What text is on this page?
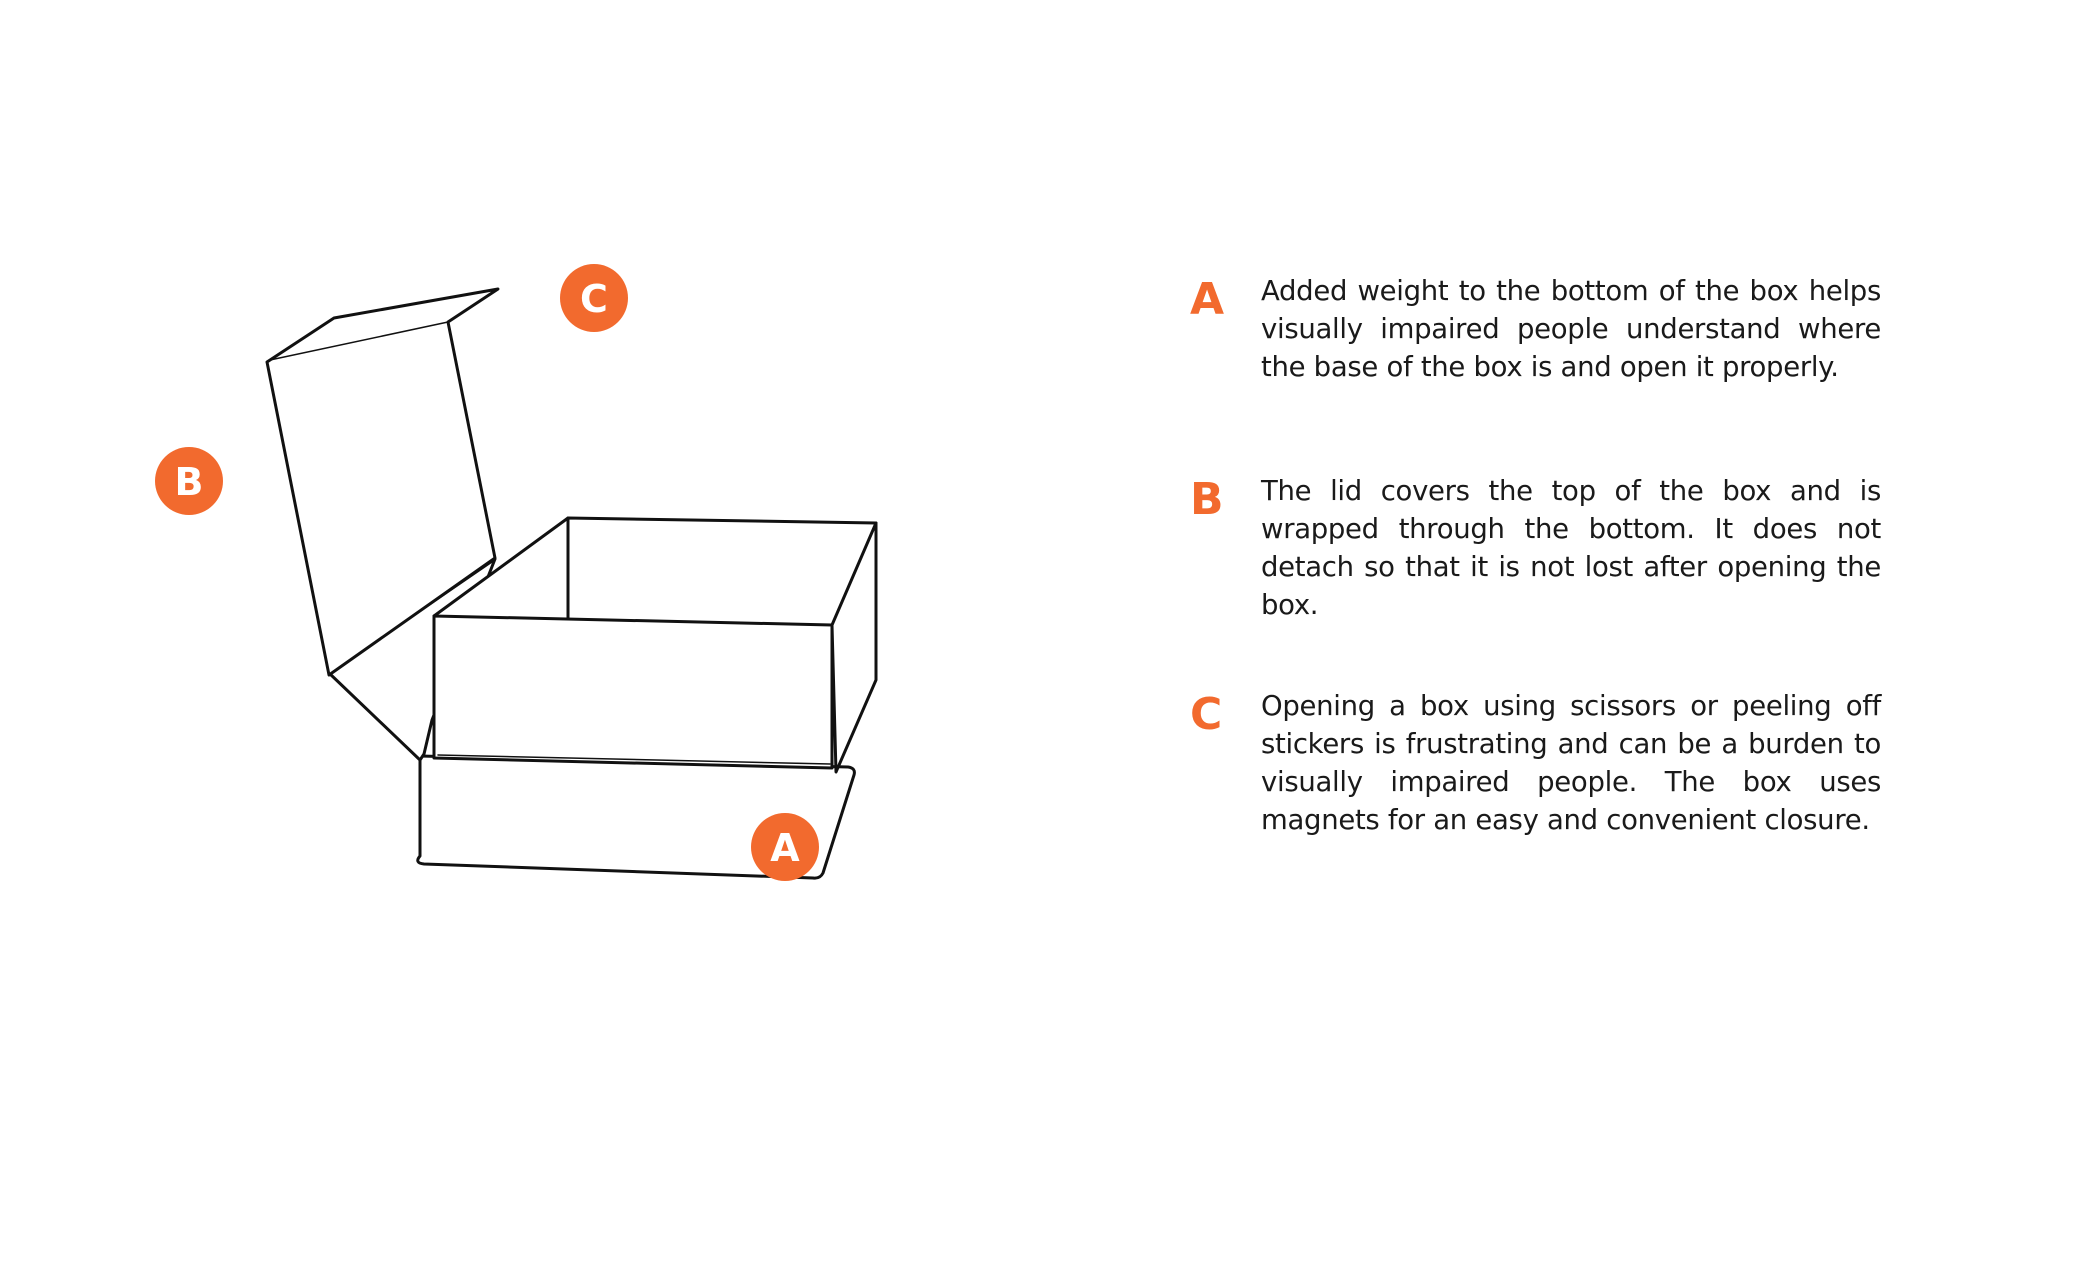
C
B
A
A	Added weight to the bottom of the box helps visually impaired people understand where the base of the box is and open it properly.
B	The lid covers the top of the box and is wrapped through the bottom. It does not detach so that it is not lost after opening the box.
C	Opening a box using scissors or peeling off stickers is frustrating and can be a burden to visually impaired people. The box uses magnets for an easy and convenient closure.
